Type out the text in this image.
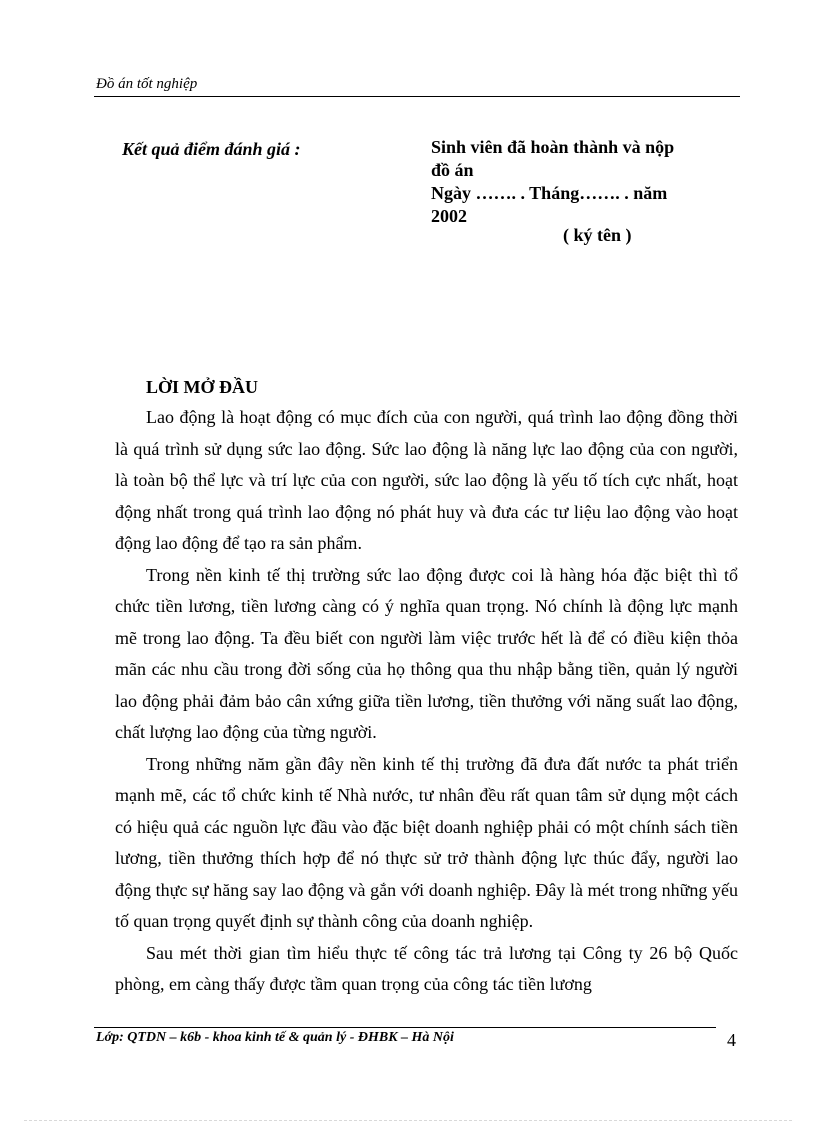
Đồ án tốt nghiệp
Kết quả điểm đánh giá :	Sinh viên đã hoàn thành và nộp
đồ án
Ngày ……. . Tháng……. . năm
2002
( ký tên )
LỜI MỞ ĐẦU

Lao động là hoạt động có mục đích của con người, quá trình lao động đồng thời là quá trình sử dụng sức lao động. Sức lao động là năng lực lao động của con người, là toàn bộ thể lực và trí lực của con người, sức lao động là yếu tố tích cực nhất, hoạt động nhất trong quá trình lao động nó phát huy và đưa các tư liệu lao động vào hoạt động lao động để tạo ra sản phẩm.

Trong nền kinh tế thị trường sức lao động được coi là hàng hóa đặc biệt thì tổ chức tiền lương, tiền lương càng có ý nghĩa quan trọng. Nó chính là động lực mạnh mẽ trong lao động. Ta đều biết con người làm việc trước hết là để có điều kiện thỏa mãn các nhu cầu trong đời sống của họ thông qua thu nhập bằng tiền, quản lý người lao động phải đảm bảo cân xứng giữa tiền lương, tiền thưởng với năng suất lao động, chất lượng lao động của từng người.

Trong những năm gần đây nền kinh tế thị trường đã đưa đất nước ta phát triển mạnh mẽ, các tổ chức kinh tế Nhà nước, tư nhân đều rất quan tâm sử dụng một cách có hiệu quả các nguồn lực đầu vào đặc biệt doanh nghiệp phải có một chính sách tiền lương, tiền thưởng thích hợp để nó thực sử trở thành động lực thúc đẩy, người lao động thực sự hăng say lao động và gắn với doanh nghiệp. Đây là mét trong những yếu tố quan trọng quyết định sự thành công của doanh nghiệp.

Sau mét thời gian tìm hiểu thực tế công tác trả lương tại Công ty 26 bộ Quốc phòng, em càng thấy được tầm quan trọng của công tác tiền lương

Lớp: QTDN – k6b - khoa kinh tế & quản lý - ĐHBK – Hà Nội	4
